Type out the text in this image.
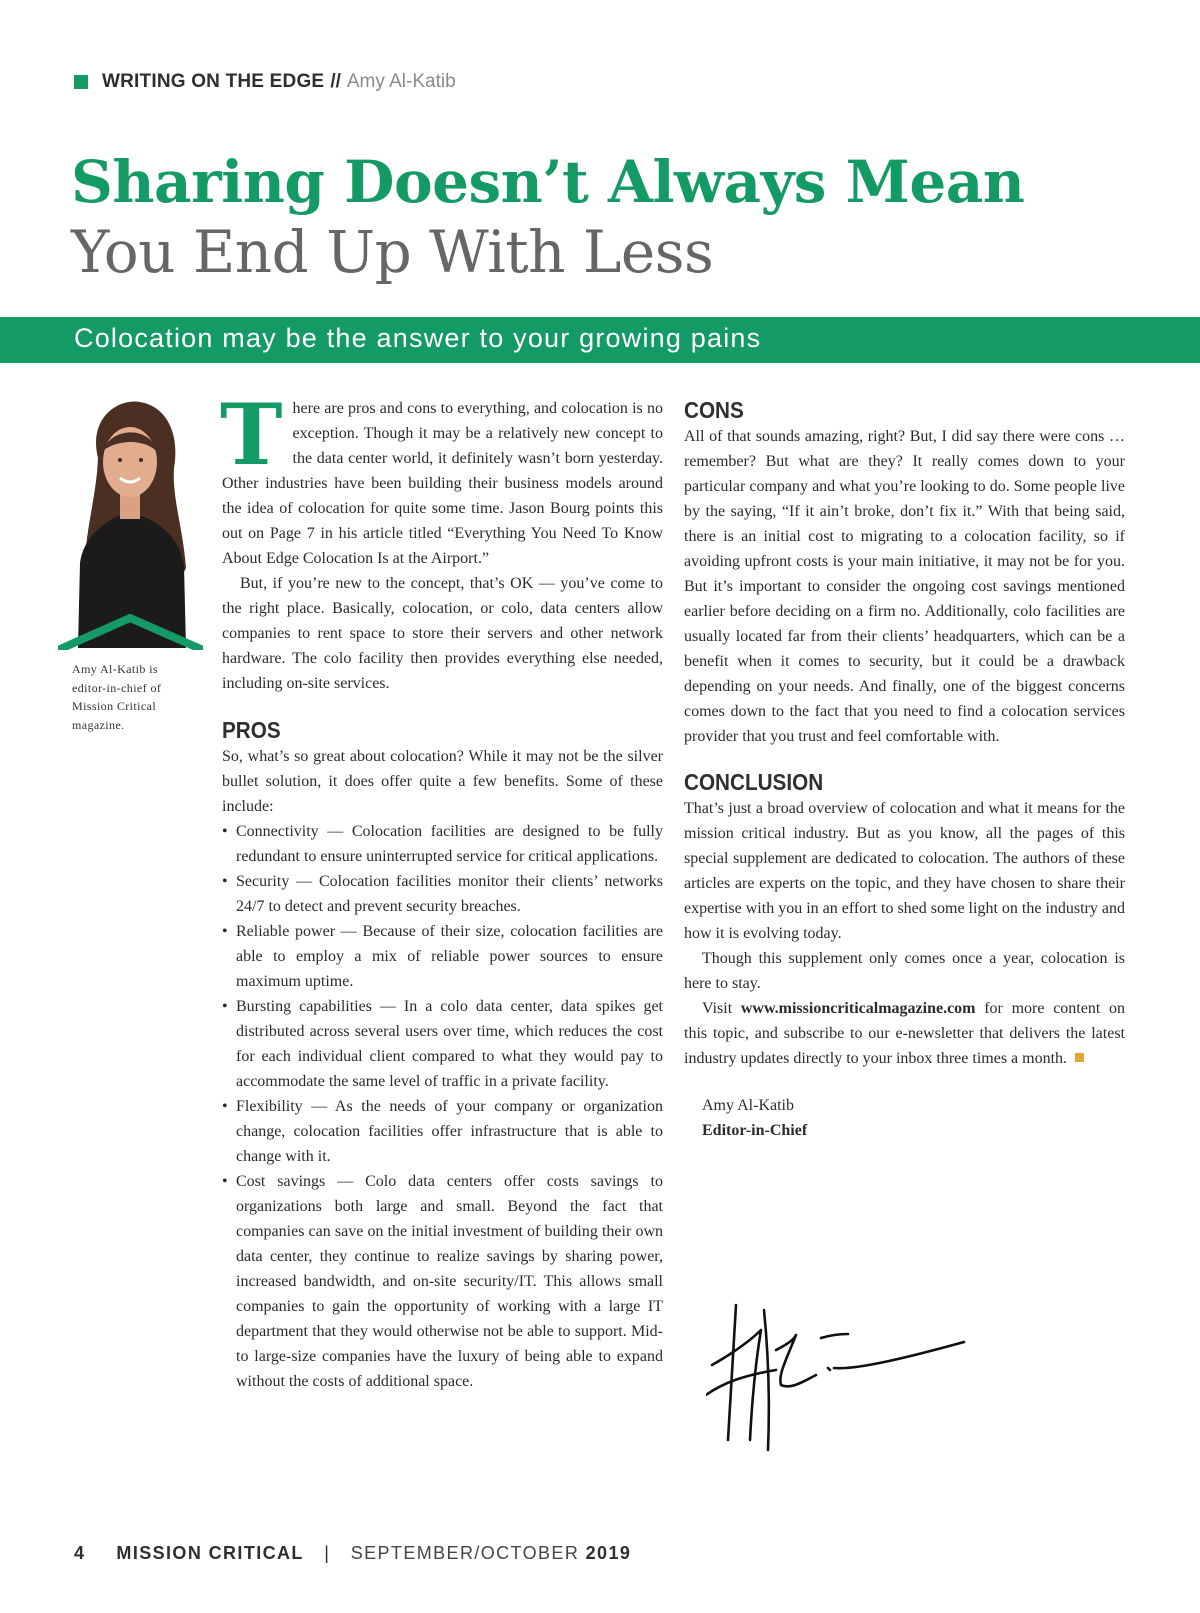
WRITING ON THE EDGE // Amy Al-Katib
Sharing Doesn’t Always Mean
You End Up With Less
Colocation may be the answer to your growing pains
Amy Al-Katib is editor-in-chief of Mission Critical magazine.

There are pros and cons to everything, and colocation is no exception. Though it may be a relatively new concept to the data center world, it definitely wasn’t born yesterday. Other industries have been building their business models around the idea of colocation for quite some time. Jason Bourg points this out on Page 7 in his article titled “Everything You Need To Know About Edge Colocation Is at the Airport.”

But, if you’re new to the concept, that’s OK — you’ve come to the right place. Basically, colocation, or colo, data centers allow companies to rent space to store their servers and other network hardware. The colo facility then provides everything else needed, including on-site services.

PROS

So, what’s so great about colocation? While it may not be the silver bullet solution, it does offer quite a few benefits. Some of these include:

• Connectivity — Colocation facilities are designed to be fully redundant to ensure uninterrupted service for critical applications.
• Security — Colocation facilities monitor their clients’ networks 24/7 to detect and prevent security breaches.
• Reliable power — Because of their size, colocation facilities are able to employ a mix of reliable power sources to ensure maximum uptime.
• Bursting capabilities — In a colo data center, data spikes get distributed across several users over time, which reduces the cost for each individual client compared to what they would pay to accommodate the same level of traffic in a private facility.
• Flexibility — As the needs of your company or organization change, colocation facilities offer infrastructure that is able to change with it.
• Cost savings — Colo data centers offer costs savings to organizations both large and small. Beyond the fact that companies can save on the initial investment of building their own data center, they continue to realize savings by sharing power, increased bandwidth, and on-site security/IT. This allows small companies to gain the opportunity of working with a large IT department that they would otherwise not be able to support. Mid- to large-size companies have the luxury of being able to expand without the costs of additional space.
CONS

All of that sounds amazing, right? But, I did say there were cons … remember? But what are they? It really comes down to your particular company and what you’re looking to do. Some people live by the saying, “If it ain’t broke, don’t fix it.” With that being said, there is an initial cost to migrating to a colocation facility, so if avoiding upfront costs is your main initiative, it may not be for you. But it’s important to consider the ongoing cost savings mentioned earlier before deciding on a firm no. Additionally, colo facilities are usually located far from their clients’ headquarters, which can be a benefit when it comes to security, but it could be a drawback depending on your needs. And finally, one of the biggest concerns comes down to the fact that you need to find a colocation services provider that you trust and feel comfortable with.

CONCLUSION

That’s just a broad overview of colocation and what it means for the mission critical industry. But as you know, all the pages of this special supplement are dedicated to colocation. The authors of these articles are experts on the topic, and they have chosen to share their expertise with you in an effort to shed some light on the industry and how it is evolving today.

Though this supplement only comes once a year, colocation is here to stay.

Visit www.missioncriticalmagazine.com for more content on this topic, and subscribe to our e-newsletter that delivers the latest industry updates directly to your inbox three times a month.

Amy Al-Katib
Editor-in-Chief
4 MISSION CRITICAL | SEPTEMBER/OCTOBER 2019
